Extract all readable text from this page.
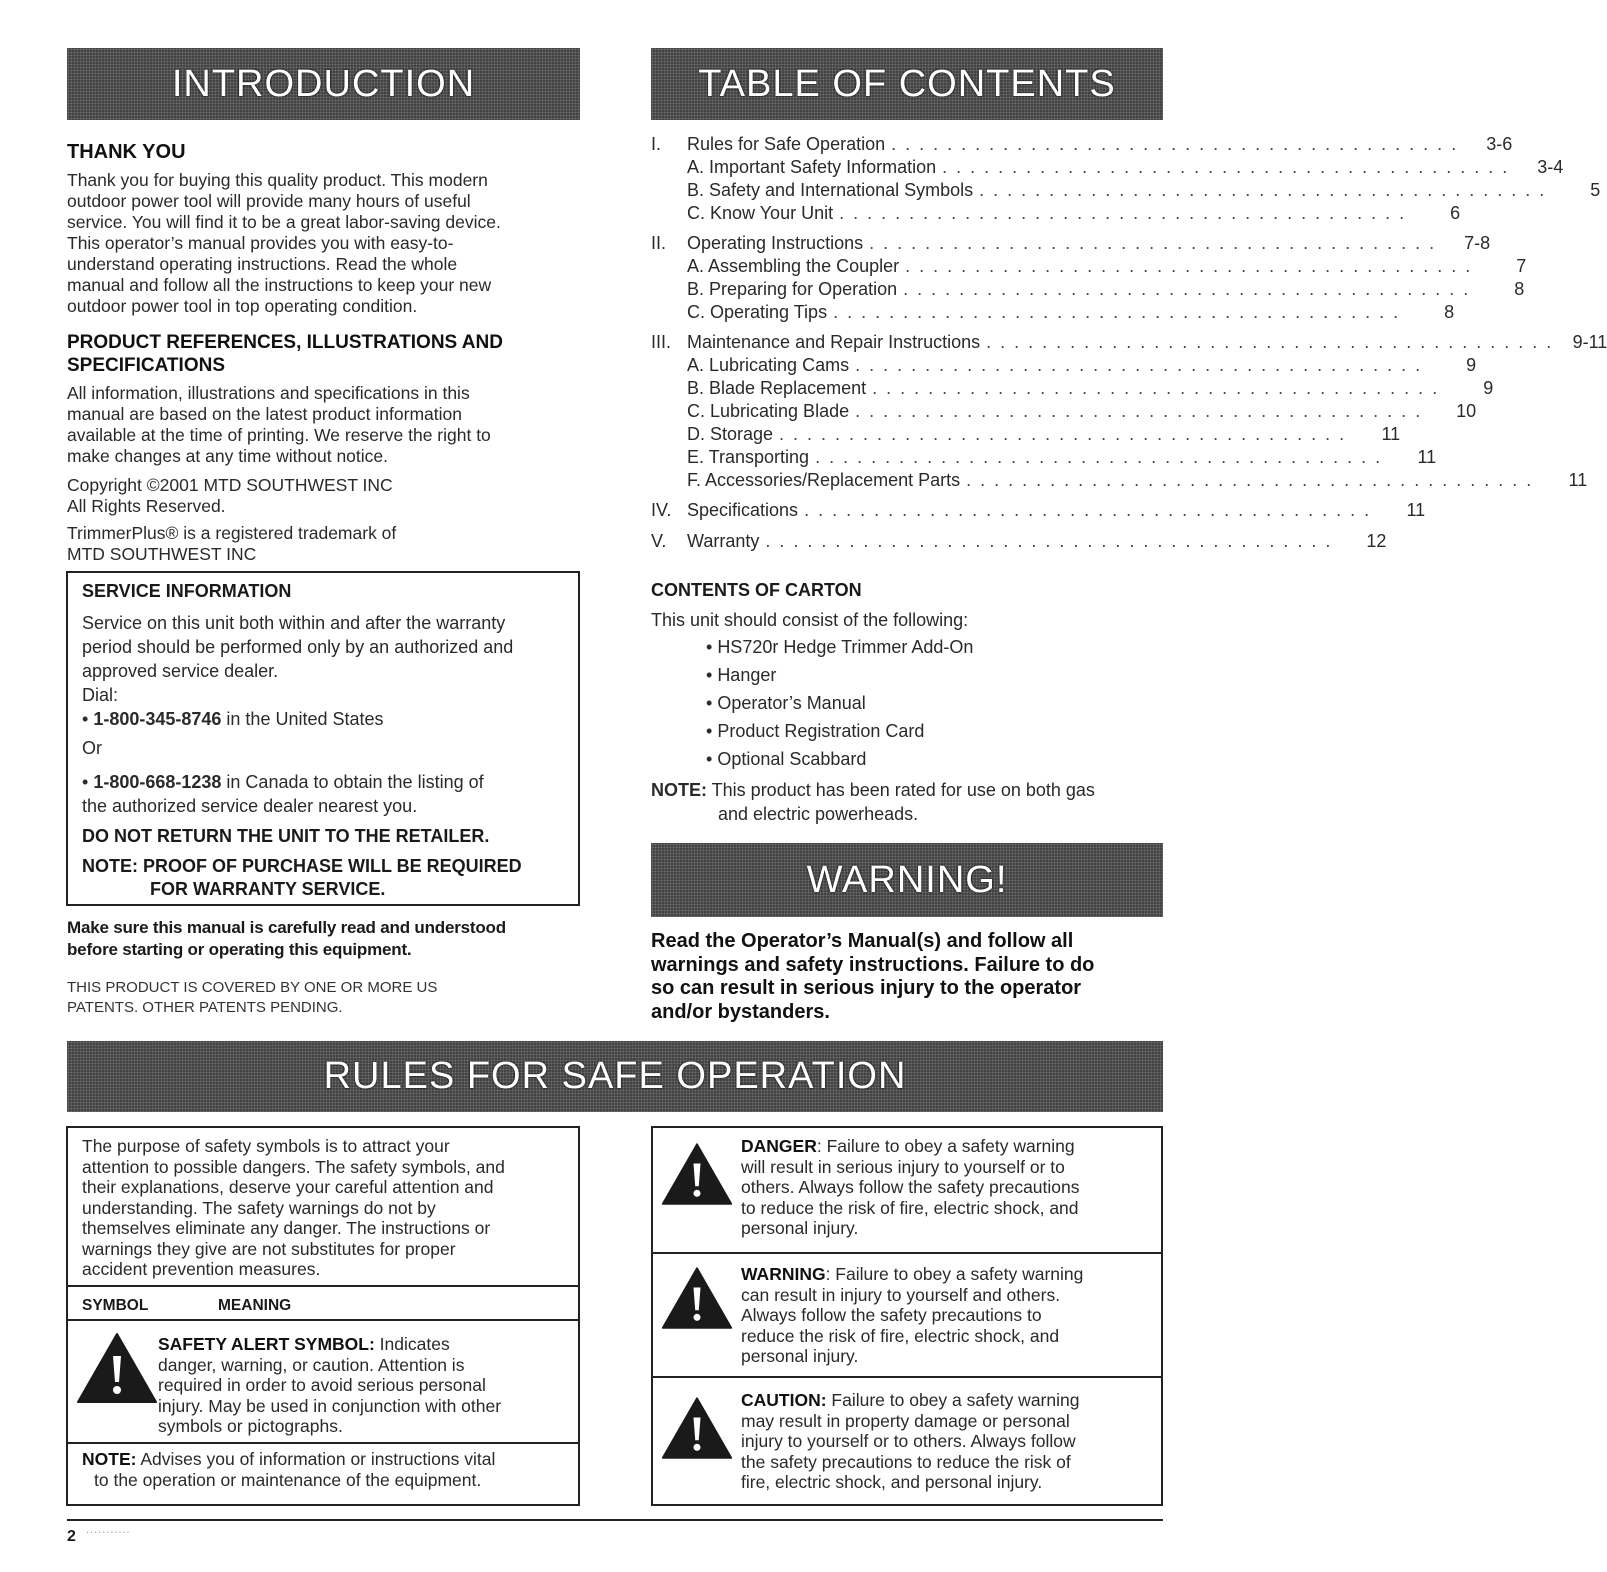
INTRODUCTION
THANK YOU
Thank you for buying this quality product. This modern
outdoor power tool will provide many hours of useful
service. You will find it to be a great labor-saving device.
This operator’s manual provides you with easy-to-
understand operating instructions. Read the whole
manual and follow all the instructions to keep your new
outdoor power tool in top operating condition.
PRODUCT REFERENCES, ILLUSTRATIONS AND
SPECIFICATIONS
All information, illustrations and specifications in this
manual are based on the latest product information
available at the time of printing. We reserve the right to
make changes at any time without notice.
Copyright ©2001 MTD SOUTHWEST INC
All Rights Reserved.
TrimmerPlus® is a registered trademark of
MTD SOUTHWEST INC
SERVICE INFORMATION
Service on this unit both within and after the warranty
period should be performed only by an authorized and
approved service dealer.
Dial:
• 1-800-345-8746 in the United States
Or
• 1-800-668-1238 in Canada to obtain the listing of
the authorized service dealer nearest you.
DO NOT RETURN THE UNIT TO THE RETAILER.
NOTE: PROOF OF PURCHASE WILL BE REQUIRED
FOR WARRANTY SERVICE.
Make sure this manual is carefully read and understood
before starting or operating this equipment.
THIS PRODUCT IS COVERED BY ONE OR MORE US
PATENTS. OTHER PATENTS PENDING.
TABLE OF CONTENTS
I.	Rules for Safe Operation . . . . . . . . . . . . . . . . . . . . . . . . . . . . . . . . . . . . . . . . .	3-6
A. Important Safety Information . . . . . . . . . . . . . . . . . . . . . . . . . . . . . . . . . . . . . . . . .	3-4
B. Safety and International Symbols . . . . . . . . . . . . . . . . . . . . . . . . . . . . . . . . . . . . . . . . .	5
C. Know Your Unit . . . . . . . . . . . . . . . . . . . . . . . . . . . . . . . . . . . . . . . . .	6
II.	Operating Instructions . . . . . . . . . . . . . . . . . . . . . . . . . . . . . . . . . . . . . . . . .	7-8
A. Assembling the Coupler . . . . . . . . . . . . . . . . . . . . . . . . . . . . . . . . . . . . . . . . .	7
B. Preparing for Operation . . . . . . . . . . . . . . . . . . . . . . . . . . . . . . . . . . . . . . . . .	8
C. Operating Tips . . . . . . . . . . . . . . . . . . . . . . . . . . . . . . . . . . . . . . . . .	8
III. Maintenance and Repair Instructions . . . . . . . . . . . . . . . . . . . . . . . . . . . . . . . . . . . . . . . . .	9-11
A. Lubricating Cams . . . . . . . . . . . . . . . . . . . . . . . . . . . . . . . . . . . . . . . . .	9
B. Blade Replacement . . . . . . . . . . . . . . . . . . . . . . . . . . . . . . . . . . . . . . . . .	9
C. Lubricating Blade . . . . . . . . . . . . . . . . . . . . . . . . . . . . . . . . . . . . . . . . .	10
D. Storage . . . . . . . . . . . . . . . . . . . . . . . . . . . . . . . . . . . . . . . . .	11
E. Transporting . . . . . . . . . . . . . . . . . . . . . . . . . . . . . . . . . . . . . . . . .	11
F. Accessories/Replacement Parts . . . . . . . . . . . . . . . . . . . . . . . . . . . . . . . . . . . . . . . . .	11
IV. Specifications . . . . . . . . . . . . . . . . . . . . . . . . . . . . . . . . . . . . . . . . .	11
V.	Warranty . . . . . . . . . . . . . . . . . . . . . . . . . . . . . . . . . . . . . . . . .	12
CONTENTS OF CARTON
This unit should consist of the following:
• HS720r Hedge Trimmer Add-On
• Hanger
• Operator’s Manual
• Product Registration Card
• Optional Scabbard
NOTE: This product has been rated for use on both gas
and electric powerheads.
WARNING!
Read the Operator’s Manual(s) and follow all
warnings and safety instructions. Failure to do
so can result in serious injury to the operator
and/or bystanders.
RULES FOR SAFE OPERATION
The purpose of safety symbols is to attract your
attention to possible dangers. The safety symbols, and
their explanations, deserve your careful attention and
understanding. The safety warnings do not by
themselves eliminate any danger. The instructions or
warnings they give are not substitutes for proper
accident prevention measures.
SYMBOL	MEANING
SAFETY ALERT SYMBOL: Indicates
danger, warning, or caution. Attention is
required in order to avoid serious personal
injury. May be used in conjunction with other
symbols or pictographs.
NOTE: Advises you of information or instructions vital
to the operation or maintenance of the equipment.
DANGER: Failure to obey a safety warning
will result in serious injury to yourself or to
others. Always follow the safety precautions
to reduce the risk of fire, electric shock, and
personal injury.
WARNING: Failure to obey a safety warning
can result in injury to yourself and others.
Always follow the safety precautions to
reduce the risk of fire, electric shock, and
personal injury.
CAUTION: Failure to obey a safety warning
may result in property damage or personal
injury to yourself or to others. Always follow
the safety precautions to reduce the risk of
fire, electric shock, and personal injury.
2 ...........
